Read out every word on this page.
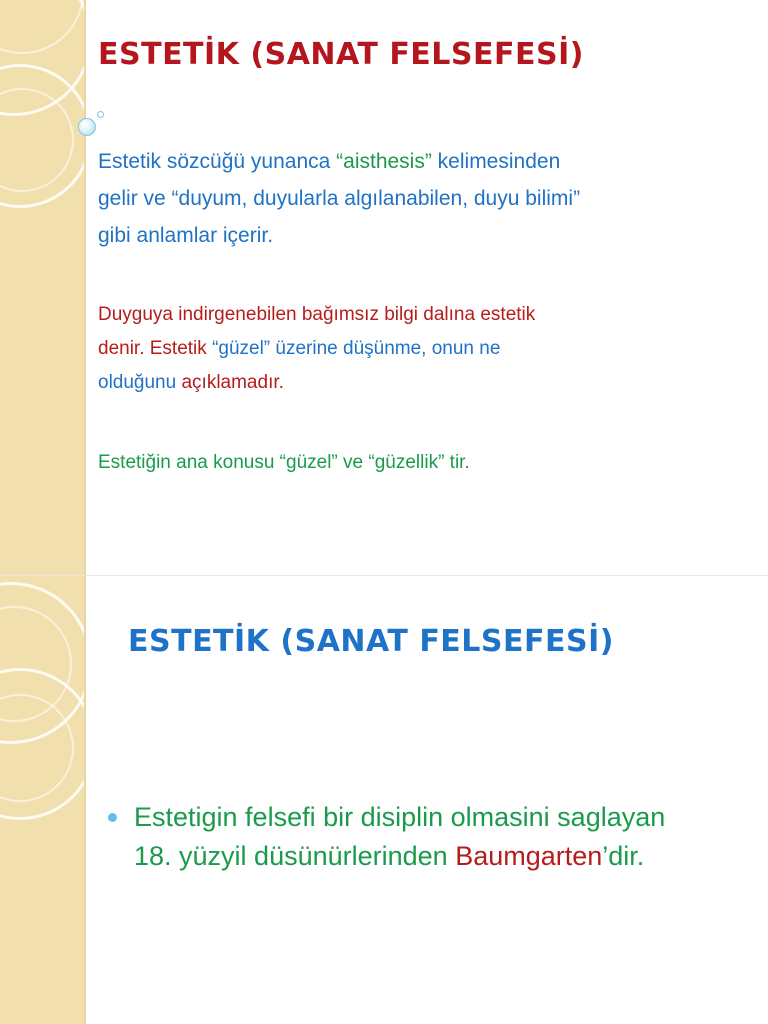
ESTETİK (SANAT FELSEFESİ)
Estetik sözcüğü yunanca “aisthesis” kelimesinden
gelir ve “duyum, duyularla algılanabilen, duyu bilimi”
gibi anlamlar içerir.
Duyguya indirgenebilen bağımsız bilgi dalına estetik
denir. Estetik “güzel” üzerine düşünme, onun ne
olduğunu açıklamadır.
Estetiğin ana konusu “güzel” ve “güzellik” tir.
ESTETİK (SANAT FELSEFESİ)
Estetigin felsefi bir disiplin olmasini saglayan
18. yüzyil düsünürlerinden Baumgarten’dir.
